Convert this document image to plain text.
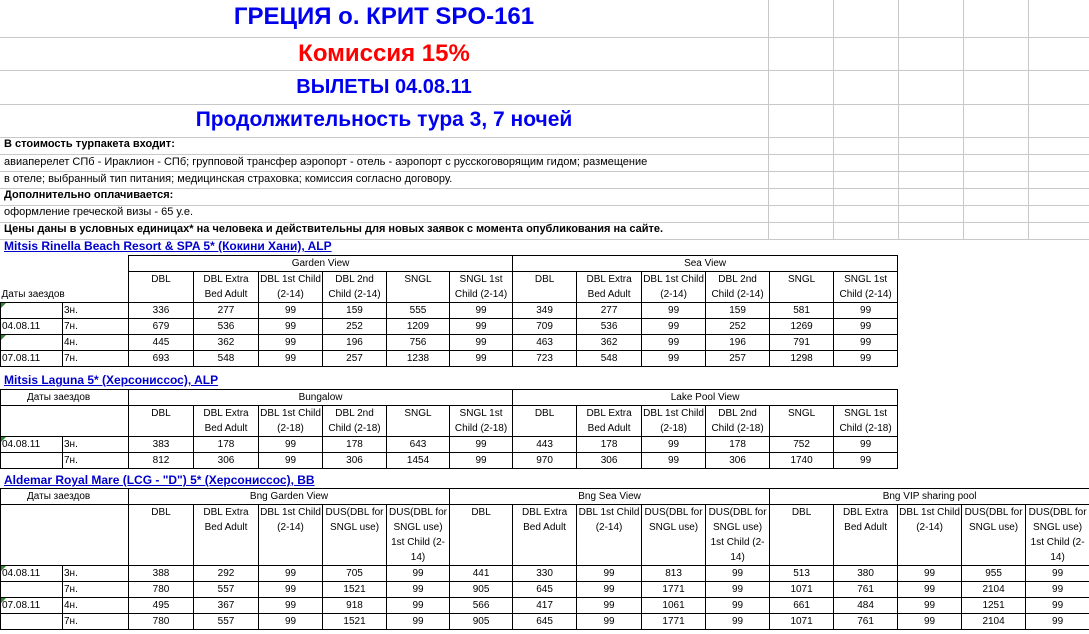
ГРЕЦИЯ о. КРИТ SPO-161
Комиссия 15%
ВЫЛЕТЫ 04.08.11
Продолжительность тура 3, 7 ночей
В стоимость турпакета входит:
авиаперелет СПб - Ираклион - СПб; групповой трансфер аэропорт - отель - аэропорт с русскоговорящим гидом; размещение
в отеле; выбранный тип питания; медицинская страховка; комиссия согласно договору.
Дополнительно оплачивается:
оформление греческой визы - 65 у.е.
Цены даны в условных единицах* на человека и действительны для новых заявок с момента опубликования на сайте.
Mitsis Rinella Beach Resort & SPA 5* (Кокини Хани), ALP
		Garden View						Sea View					
Даты заездов		DBL	DBL Extra Bed Adult	DBL 1st Child (2-14)	DBL 2nd Child (2-14)	SNGL	SNGL 1st Child (2-14)	DBL	DBL Extra Bed Adult	DBL 1st Child (2-14)	DBL 2nd Child (2-14)	SNGL	SNGL 1st Child (2-14)
	3н.	336	277	99	159	555	99	349	277	99	159	581	99
04.08.11	7н.	679	536	99	252	1209	99	709	536	99	252	1269	99
	4н.	445	362	99	196	756	99	463	362	99	196	791	99
07.08.11	7н.	693	548	99	257	1238	99	723	548	99	257	1298	99
Mitsis Laguna 5* (Херсониссос), ALP
Даты заездов		Bungalow						Lake Pool View					
		DBL	DBL Extra Bed Adult	DBL 1st Child (2-18)	DBL 2nd Child (2-18)	SNGL	SNGL 1st Child (2-18)	DBL	DBL Extra Bed Adult	DBL 1st Child (2-18)	DBL 2nd Child (2-18)	SNGL	SNGL 1st Child (2-18)
04.08.11	3н.	383	178	99	178	643	99	443	178	99	178	752	99
	7н.	812	306	99	306	1454	99	970	306	99	306	1740	99
Aldemar Royal Mare (LCG - "D") 5* (Херсониссос), BB
Даты заездов		Bng Garden View					Bng Sea View					Bng VIP sharing pool				
		DBL	DBL Extra Bed Adult	DBL 1st Child (2-14)	DUS(DBL for SNGL use)	DUS(DBL for SNGL use) 1st Child (2-14)	DBL	DBL Extra Bed Adult	DBL 1st Child (2-14)	DUS(DBL for SNGL use)	DUS(DBL for SNGL use) 1st Child (2-14)	DBL	DBL Extra Bed Adult	DBL 1st Child (2-14)	DUS(DBL for SNGL use)	DUS(DBL for SNGL use) 1st Child (2-14)
04.08.11	3н.	388	292	99	705	99	441	330	99	813	99	513	380	99	955	99
	7н.	780	557	99	1521	99	905	645	99	1771	99	1071	761	99	2104	99
07.08.11	4н.	495	367	99	918	99	566	417	99	1061	99	661	484	99	1251	99
	7н.	780	557	99	1521	99	905	645	99	1771	99	1071	761	99	2104	99
